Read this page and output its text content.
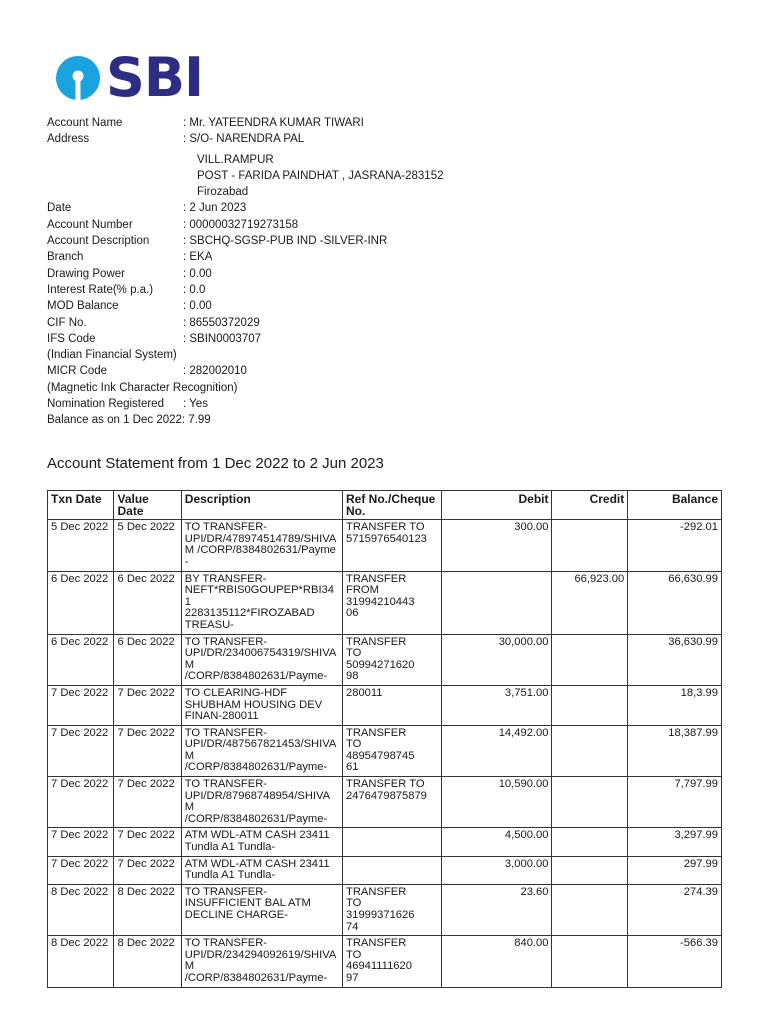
SBI
Account Name	: Mr. YATEENDRA KUMAR TIWARI
Address	: S/O- NARENDRA PAL
VILL.RAMPUR
POST - FARIDA PAINDHAT , JASRANA-283152
Firozabad
Date	: 2 Jun 2023
Account Number	: 00000032719273158
Account Description	: SBCHQ-SGSP-PUB IND -SILVER-INR
Branch	: EKA
Drawing Power	: 0.00
Interest Rate(% p.a.)	: 0.0
MOD Balance	: 0.00
CIF No.	: 86550372029
IFS Code	: SBIN0003707
(Indian Financial System)
MICR Code	: 282002010
(Magnetic Ink Character Recognition)
Nomination Registered	: Yes
Balance as on 1 Dec 2022 : 7.99
Account Statement from 1 Dec 2022 to 2 Jun 2023
Txn Date	Value Date	Description	Ref No./Cheque No.	Debit	Credit	Balance
5 Dec 2022	5 Dec 2022	TO TRANSFER-
UPI/DR/478974514789/SHIVA
M /CORP/8384802631/Payme-	TRANSFER TO
5715976540123	300.00		-292.01
6 Dec 2022	6 Dec 2022	BY TRANSFER-
NEFT*RBIS0GOUPEP*RBI341
2283135112*FIROZABAD
TREASU-	TRANSFER
FROM
31994210443
06		66,923.00	66,630.99
6 Dec 2022	6 Dec 2022	TO TRANSFER-
UPI/DR/234006754319/SHIVA M
/CORP/8384802631/Payme-	TRANSFER
TO
50994271620
98	30,000.00		36,630.99
7 Dec 2022	7 Dec 2022	TO CLEARING-HDF
SHUBHAM HOUSING DEV
FINAN-280011	280011	3,751.00		18,3.99
7 Dec 2022	7 Dec 2022	TO TRANSFER-
UPI/DR/487567821453/SHIVA M
/CORP/8384802631/Payme-	TRANSFER
TO
48954798745
61	14,492.00		18,387.99
7 Dec 2022	7 Dec 2022	TO TRANSFER-
UPI/DR/87968748954/SHIVA M
/CORP/8384802631/Payme-	TRANSFER TO
2476479875879	10,590.00		7,797.99
7 Dec 2022	7 Dec 2022	ATM WDL-ATM CASH 23411
Tundla A1 Tundla-		4,500.00		3,297.99
7 Dec 2022	7 Dec 2022	ATM WDL-ATM CASH 23411
Tundla A1 Tundla-		3,000.00		297.99
8 Dec 2022	8 Dec 2022	TO TRANSFER-
INSUFFICIENT BAL ATM
DECLINE CHARGE-	TRANSFER
TO
31999371626
74	23.60		274.39
8 Dec 2022	8 Dec 2022	TO TRANSFER-
UPI/DR/234294092619/SHIVA M
/CORP/8384802631/Payme-	TRANSFER
TO
46941111620
97	840.00		-566.39
